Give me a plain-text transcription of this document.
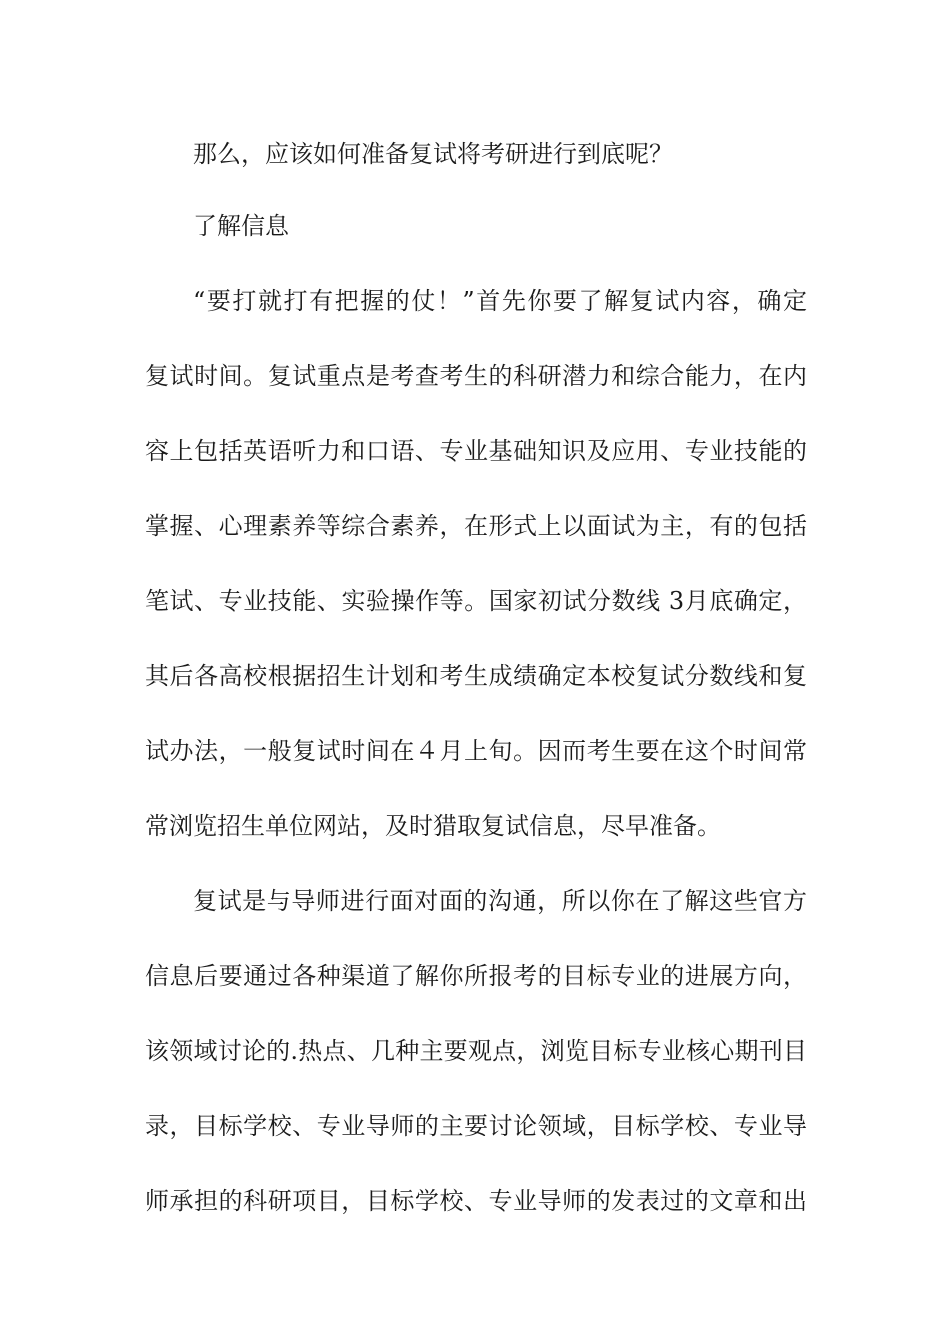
那么，应该如何准备复试将考研进行到底呢？
了解信息
“要打就打有把握的仗！”首先你要了解复试内容，确定
复试时间。复试重点是考查考生的科研潜力和综合能力，在内
容上包括英语听力和口语、专业基础知识及应用、专业技能的
掌握、心理素养等综合素养，在形式上以面试为主，有的包括
笔试、专业技能、实验操作等。国家初试分数线 3月底确定，
其后各高校根据招生计划和考生成绩确定本校复试分数线和复
试办法，一般复试时间在４月上旬。因而考生要在这个时间常
常浏览招生单位网站，及时猎取复试信息，尽早准备。
复试是与导师进行面对面的沟通，所以你在了解这些官方
信息后要通过各种渠道了解你所报考的目标专业的进展方向，
该领域讨论的.热点、几种主要观点，浏览目标专业核心期刊目
录，目标学校、专业导师的主要讨论领域，目标学校、专业导
师承担的科研项目，目标学校、专业导师的发表过的文章和出
